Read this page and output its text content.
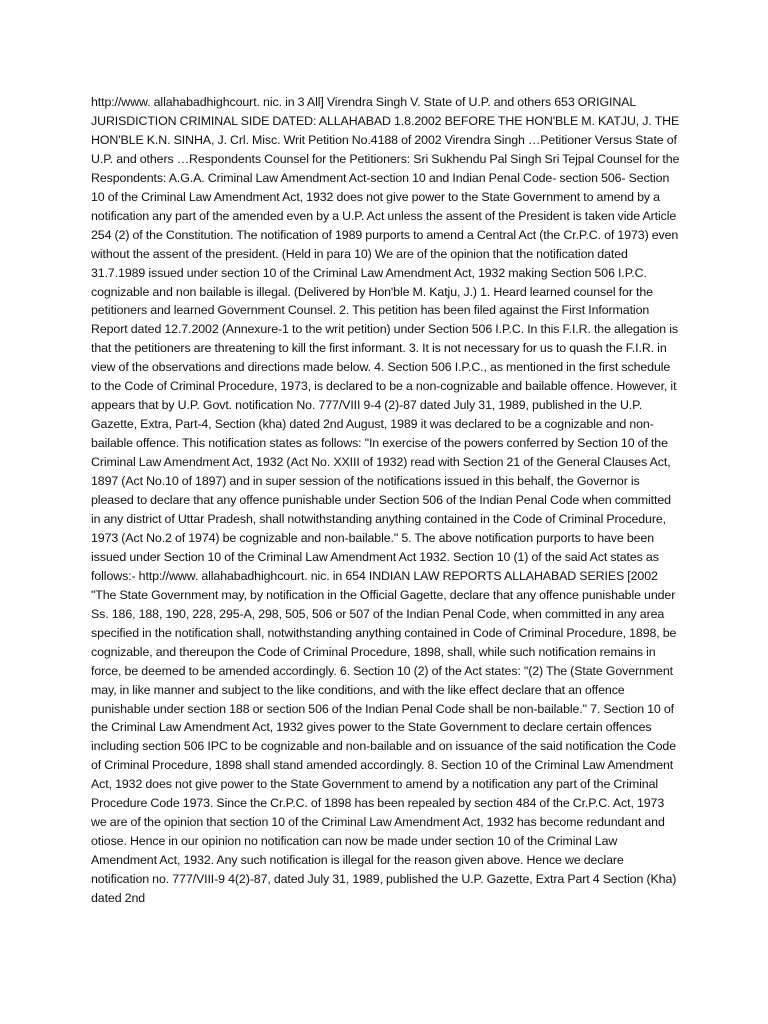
http://www. allahabadhighcourt. nic. in 3 All] Virendra Singh V. State of U.P. and others 653 ORIGINAL JURISDICTION CRIMINAL SIDE DATED: ALLAHABAD 1.8.2002 BEFORE THE HON'BLE M. KATJU, J. THE HON'BLE K.N. SINHA, J. Crl. Misc. Writ Petition No.4188 of 2002 Virendra Singh …Petitioner Versus State of U.P. and others …Respondents Counsel for the Petitioners: Sri Sukhendu Pal Singh Sri Tejpal Counsel for the Respondents: A.G.A. Criminal Law Amendment Act-section 10 and Indian Penal Code- section 506- Section 10 of the Criminal Law Amendment Act, 1932 does not give power to the State Government to amend by a notification any part of the amended even by a U.P. Act unless the assent of the President is taken vide Article 254 (2) of the Constitution. The notification of 1989 purports to amend a Central Act (the Cr.P.C. of 1973) even without the assent of the president. (Held in para 10) We are of the opinion that the notification dated 31.7.1989 issued under section 10 of the Criminal Law Amendment Act, 1932 making Section 506 I.P.C. cognizable and non bailable is illegal. (Delivered by Hon'ble M. Katju, J.) 1. Heard learned counsel for the petitioners and learned Government Counsel. 2. This petition has been filed against the First Information Report dated 12.7.2002 (Annexure-1 to the writ petition) under Section 506 I.P.C. In this F.I.R. the allegation is that the petitioners are threatening to kill the first informant. 3. It is not necessary for us to quash the F.I.R. in view of the observations and directions made below. 4. Section 506 I.P.C., as mentioned in the first schedule to the Code of Criminal Procedure, 1973, is declared to be a non-cognizable and bailable offence. However, it appears that by U.P. Govt. notification No. 777/VIII 9-4 (2)-87 dated July 31, 1989, published in the U.P. Gazette, Extra, Part-4, Section (kha) dated 2nd August, 1989 it was declared to be a cognizable and non-bailable offence. This notification states as follows: "In exercise of the powers conferred by Section 10 of the Criminal Law Amendment Act, 1932 (Act No. XXIII of 1932) read with Section 21 of the General Clauses Act, 1897 (Act No.10 of 1897) and in super session of the notifications issued in this behalf, the Governor is pleased to declare that any offence punishable under Section 506 of the Indian Penal Code when committed in any district of Uttar Pradesh, shall notwithstanding anything contained in the Code of Criminal Procedure, 1973 (Act No.2 of 1974) be cognizable and non-bailable." 5. The above notification purports to have been issued under Section 10 of the Criminal Law Amendment Act 1932. Section 10 (1) of the said Act states as follows:- http://www. allahabadhighcourt. nic. in 654 INDIAN LAW REPORTS ALLAHABAD SERIES [2002 "The State Government may, by notification in the Official Gagette, declare that any offence punishable under Ss. 186, 188, 190, 228, 295-A, 298, 505, 506 or 507 of the Indian Penal Code, when committed in any area specified in the notification shall, notwithstanding anything contained in Code of Criminal Procedure, 1898, be cognizable, and thereupon the Code of Criminal Procedure, 1898, shall, while such notification remains in force, be deemed to be amended accordingly. 6. Section 10 (2) of the Act states: "(2) The (State Government may, in like manner and subject to the like conditions, and with the like effect declare that an offence punishable under section 188 or section 506 of the Indian Penal Code shall be non-bailable." 7. Section 10 of the Criminal Law Amendment Act, 1932 gives power to the State Government to declare certain offences including section 506 IPC to be cognizable and non-bailable and on issuance of the said notification the Code of Criminal Procedure, 1898 shall stand amended accordingly. 8. Section 10 of the Criminal Law Amendment Act, 1932 does not give power to the State Government to amend by a notification any part of the Criminal Procedure Code 1973. Since the Cr.P.C. of 1898 has been repealed by section 484 of the Cr.P.C. Act, 1973 we are of the opinion that section 10 of the Criminal Law Amendment Act, 1932 has become redundant and otiose. Hence in our opinion no notification can now be made under section 10 of the Criminal Law Amendment Act, 1932. Any such notification is illegal for the reason given above. Hence we declare notification no. 777/VIII-9 4(2)-87, dated July 31, 1989, published the U.P. Gazette, Extra Part 4 Section (Kha) dated 2nd
